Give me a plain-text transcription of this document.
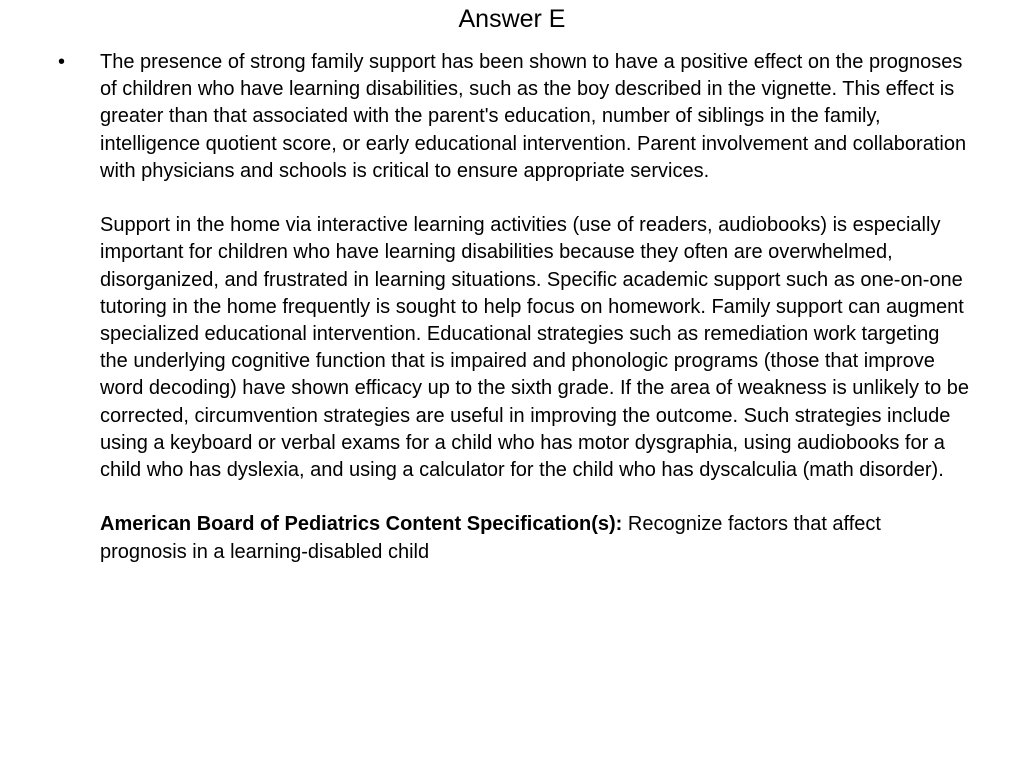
Answer E
• The presence of strong family support has been shown to have a positive effect on the prognoses of children who have learning disabilities, such as the boy described in the vignette. This effect is greater than that associated with the parent's education, number of siblings in the family, intelligence quotient score, or early educational intervention. Parent involvement and collaboration with physicians and schools is critical to ensure appropriate services.

Support in the home via interactive learning activities (use of readers, audiobooks) is especially important for children who have learning disabilities because they often are overwhelmed, disorganized, and frustrated in learning situations. Specific academic support such as one-on-one tutoring in the home frequently is sought to help focus on homework. Family support can augment specialized educational intervention. Educational strategies such as remediation work targeting the underlying cognitive function that is impaired and phonologic programs (those that improve word decoding) have shown efficacy up to the sixth grade. If the area of weakness is unlikely to be corrected, circumvention strategies are useful in improving the outcome. Such strategies include using a keyboard or verbal exams for a child who has motor dysgraphia, using audiobooks for a child who has dyslexia, and using a calculator for the child who has dyscalculia (math disorder).

American Board of Pediatrics Content Specification(s): Recognize factors that affect prognosis in a learning-disabled child
